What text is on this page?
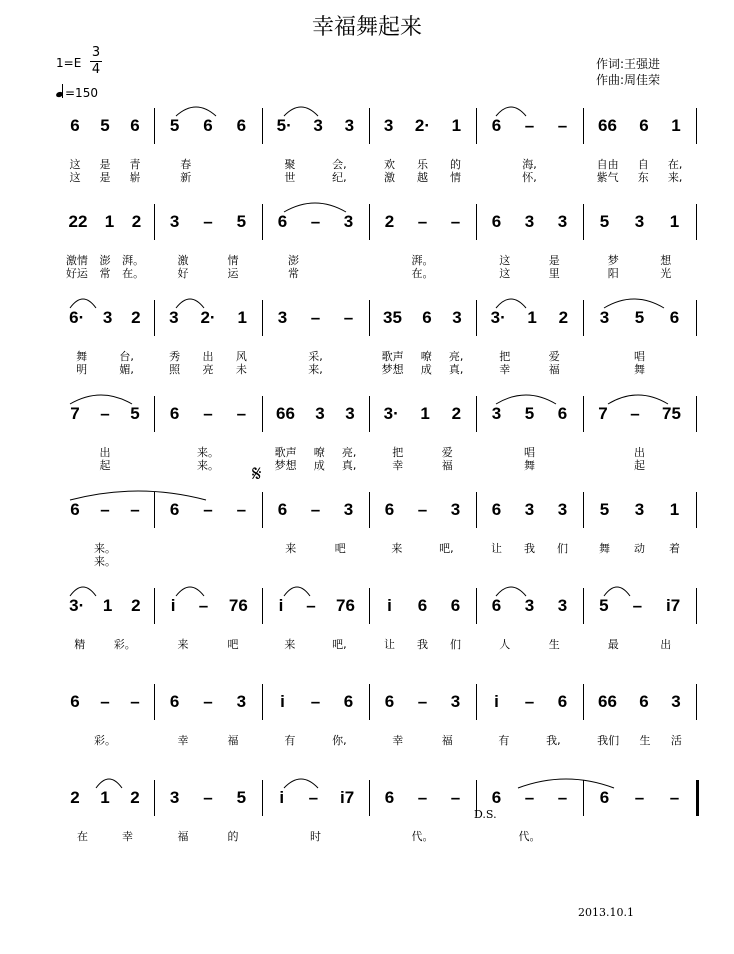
幸福舞起来
1=E
3
4
=150
作词:王强进
作曲:周佳荣
6 5 6
这 是 青
这 是 崭
5 6 6
春
新
5· 3 3
聚	会,
世	纪,
3 2· 1
欢 乐 的
激 越 情
6 – –
海,
怀,
66 6 1
自由 自 在,
紫气 东 来,
22 1 2
激情 澎 湃。
好运 常 在。
3 – 5
激	情
好	运
6 – 3
澎
常
2 – –
湃。
在。
6 3 3
这	是
这	里
5 3 1
梦	想
阳	光
6· 3 2
舞	台,
明	媚,
3 2· 1
秀 出 风
照 亮 未
3 – –
采,
来,
35 6 3
歌声 嘹 亮,
梦想 成 真,
3· 1 2
把	爱
幸	福
3 5 6
唱
舞
7 – 5
出
起
6 – –
来。
来。
66 3 3
歌声 嘹 亮,
梦想 成 真,
3· 1 2
把	爱
幸	福
3 5 6
唱
舞
7 – 75
出
起
6 – –
来。
来。
6 – – 6 – 3
来	吧
6 – 3
来	吧,
6 3 3
让 我 们
5 3 1
舞 动 着
3· 1 2
精	彩。
i – 76
来	吧
i – 76
来	吧,
i 6 6
让 我 们
6 3 3
人	生
5 – i7
最	出
6 – –
彩。
6 – 3
幸	福
i – 6
有	你,
6 – 3
幸	福
i – 6
有	我,
66 6 3
我们 生 活
2 1 2
在	幸
3 – 5
福	的
i – i7
时
6 – –
代。
6 – –
代。
6 – –
𝄋
D.S.
2013.10.1
